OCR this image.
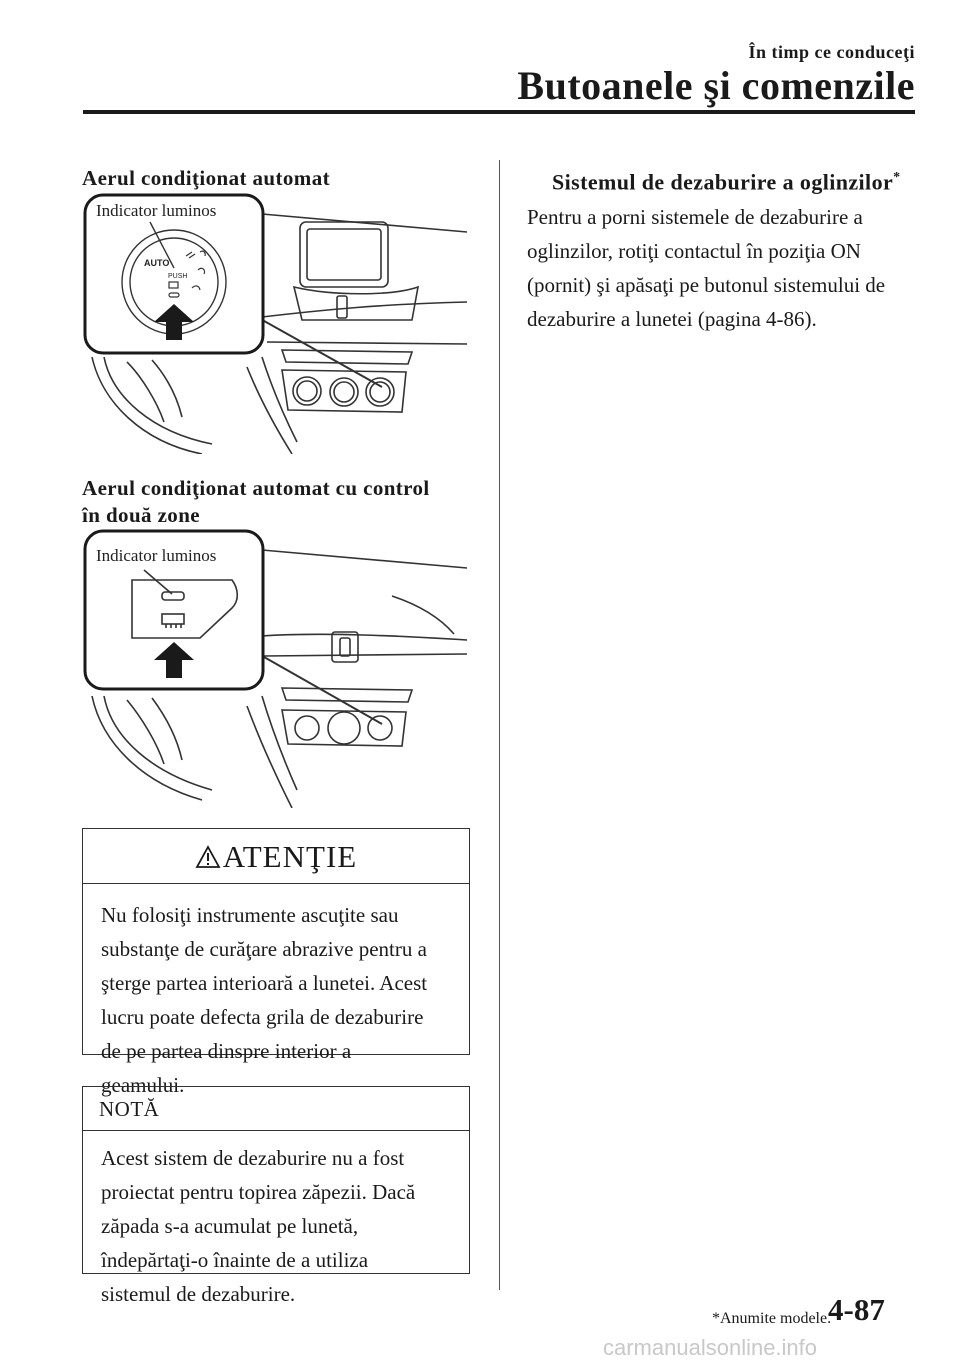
În timp ce conduceţi
Butoanele şi comenzile
Aerul condiţionat automat
Indicator luminos
AUTO
PUSH
Aerul condiţionat automat cu control
în două zone
Indicator luminos
ATENŢIE
Nu folosiţi instrumente ascuţite sau
substanţe de curăţare abrazive pentru a
şterge partea interioară a lunetei. Acest
lucru poate defecta grila de dezaburire
de pe partea dinspre interior a
geamului.
NOTĂ
Acest sistem de dezaburire nu a fost
proiectat pentru topirea zăpezii. Dacă
zăpada s-a acumulat pe lunetă,
îndepărtaţi-o înainte de a utiliza
sistemul de dezaburire.
Sistemul de dezaburire a oglinzilor*
Pentru a porni sistemele de dezaburire a
oglinzilor, rotiţi contactul în poziţia ON
(pornit) şi apăsaţi pe butonul sistemului de
dezaburire a lunetei (pagina 4-86).
*Anumite modele.
4-87
carmanualsonline.info
